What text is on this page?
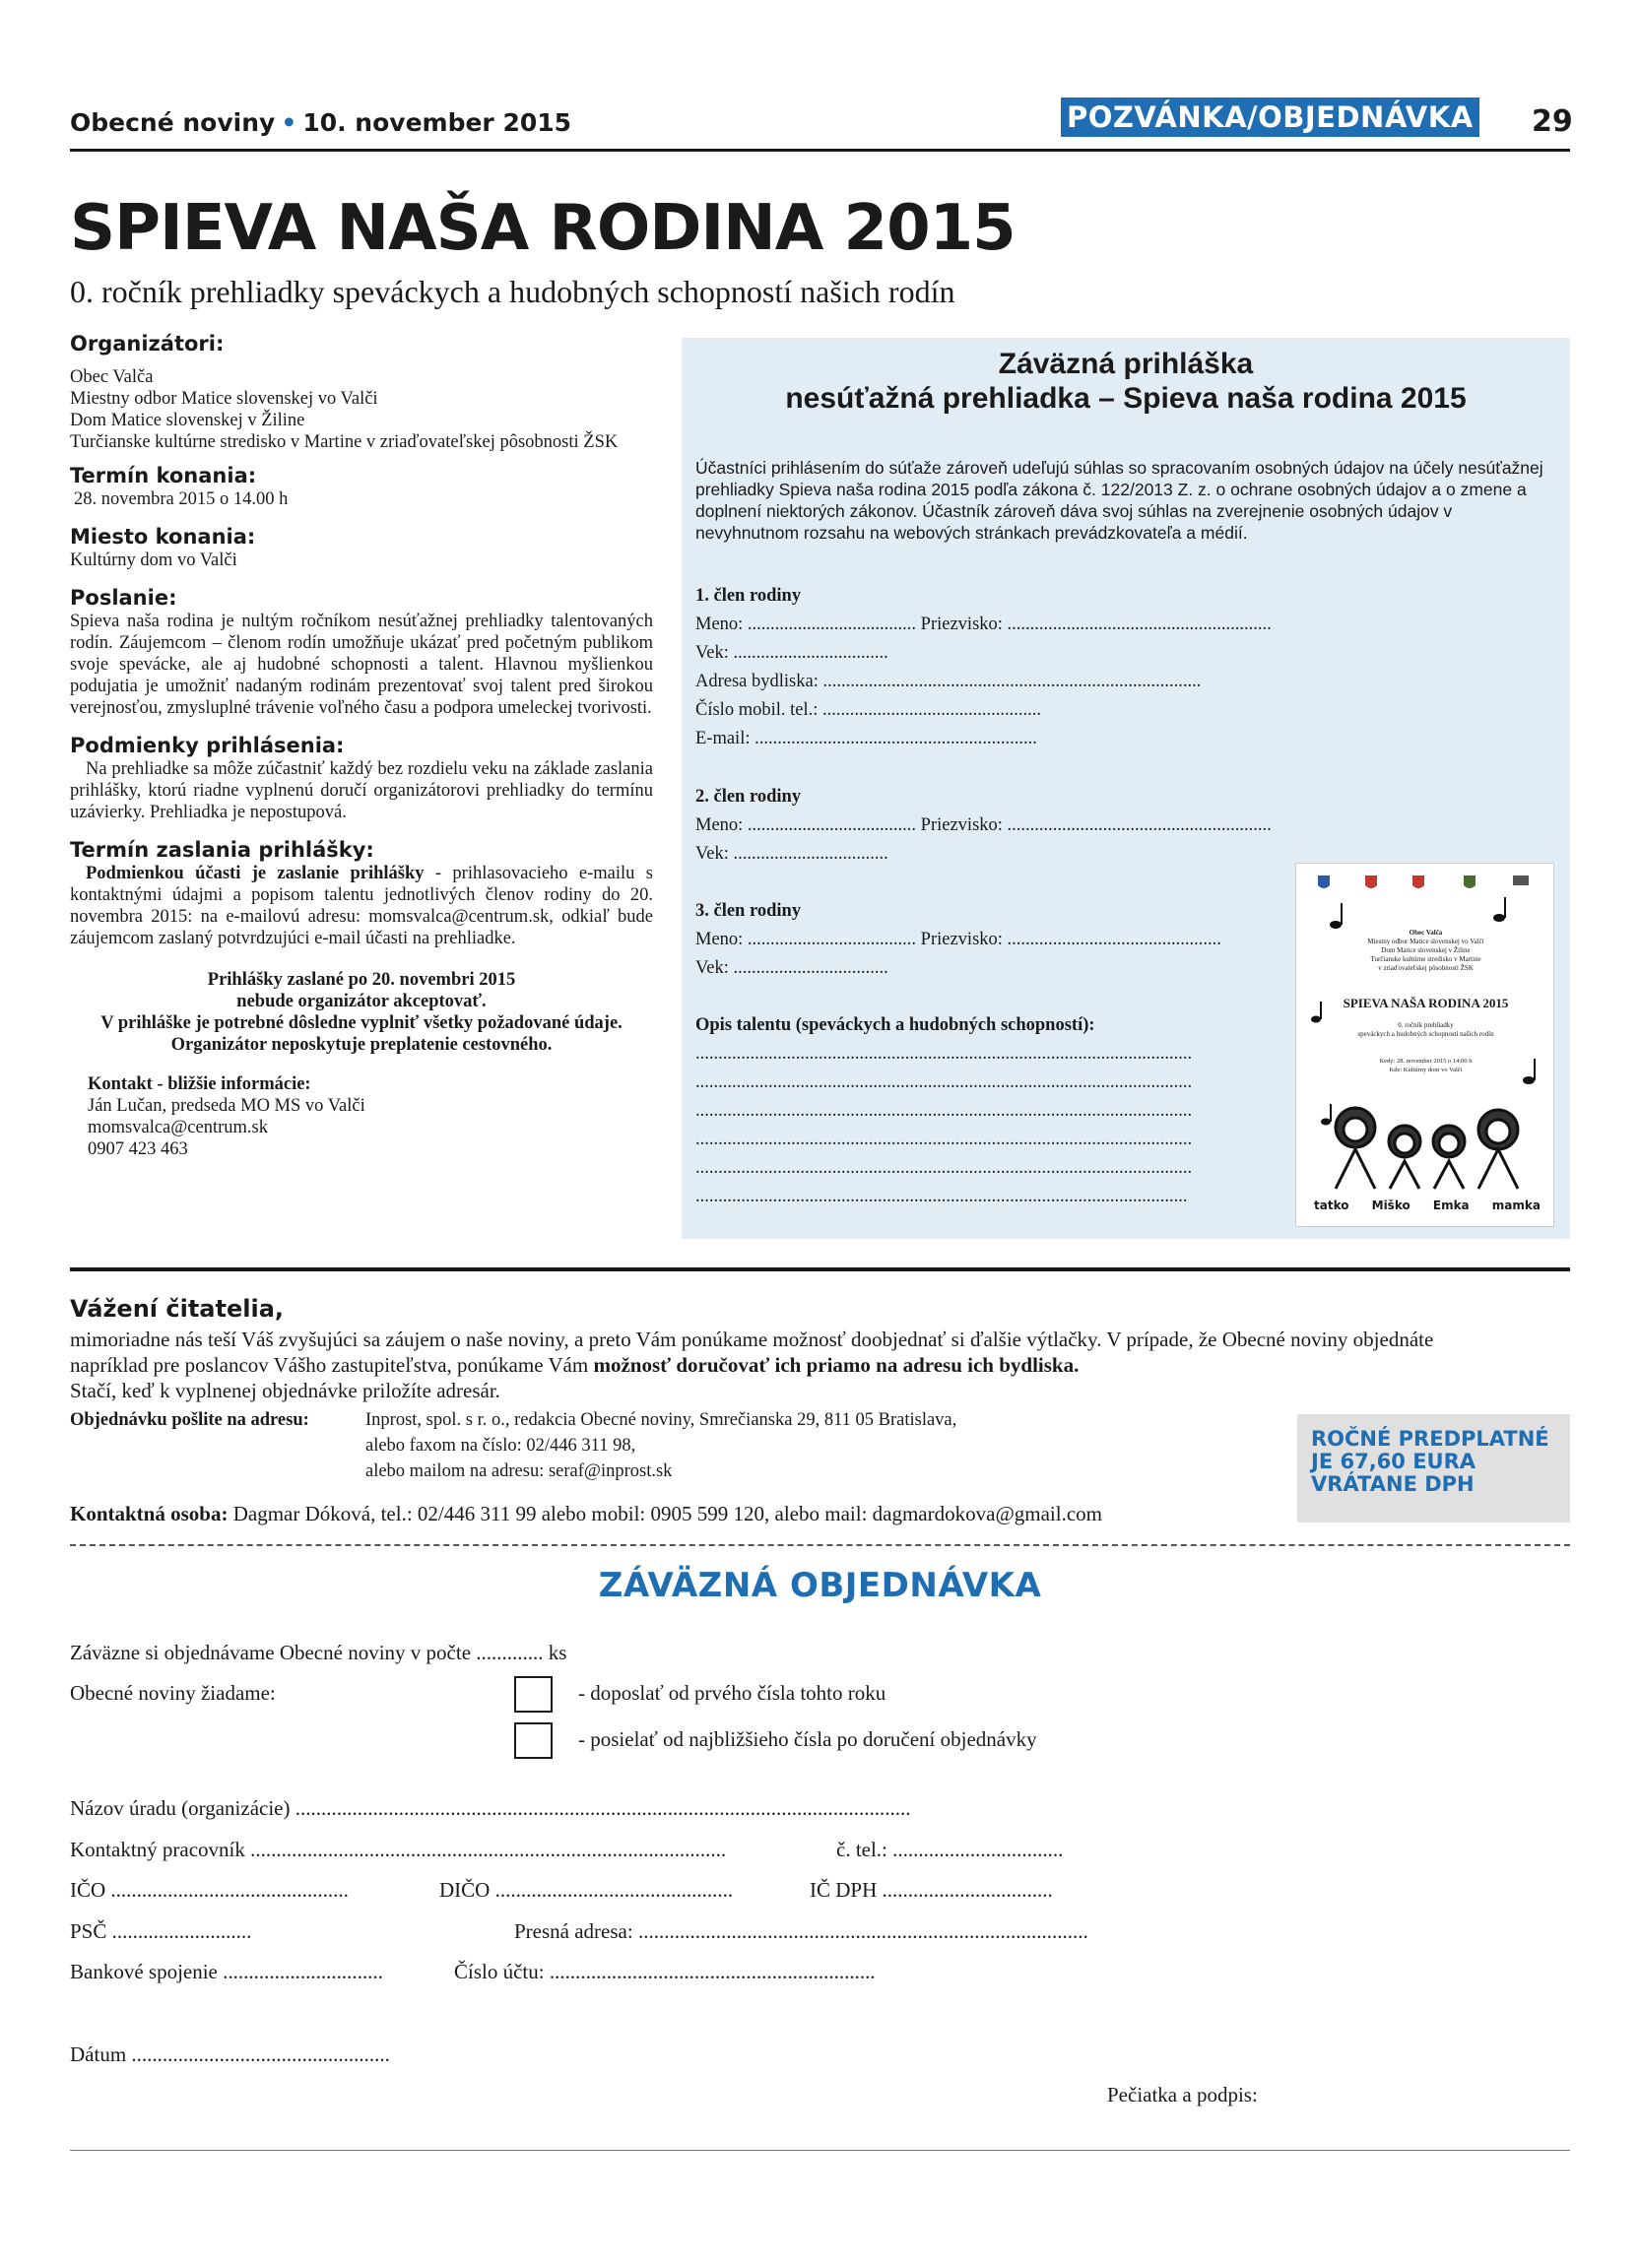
Obecné noviny • 10. november 2015	POZVÁNKA/OBJEDNÁVKA 29
SPIEVA NAŠA RODINA 2015
0. ročník prehliadky speváckych a hudobných schopností našich rodín
Organizátori:
Obec Valča
Miestny odbor Matice slovenskej vo Valči
Dom Matice slovenskej v Žiline
Turčianske kultúrne stredisko v Martine v zriaďovateľskej pôsobnosti ŽSK
Termín konania:
28. novembra 2015 o 14.00 h
Miesto konania:
Kultúrny dom vo Valči
Poslanie:
Spieva naša rodina je nultým ročníkom nesúťažnej prehliadky talentovaných rodín. Záujemcom – členom rodín umožňuje ukázať pred početným publikom svoje spevácke, ale aj hudobné schopnosti a talent. Hlavnou myšlienkou podujatia je umožniť nadaným rodinám prezentovať svoj talent pred širokou verejnosťou, zmysluplné trávenie voľného času a podpora umeleckej tvorivosti.
Podmienky prihlásenia:
Na prehliadke sa môže zúčastniť každý bez rozdielu veku na základe zaslania prihlášky, ktorú riadne vyplnenú doručí organizátorovi prehliadky do termínu uzávierky. Prehliadka je nepostupová.
Termín zaslania prihlášky:
Podmienkou účasti je zaslanie prihlášky - prihlasovacieho e-mailu s kontaktnými údajmi a popisom talentu jednotlivých členov rodiny do 20. novembra 2015: na e-mailovú adresu: momsvalca@centrum.sk, odkiaľ bude záujemcom zaslaný potvrdzujúci e-mail účasti na prehliadke.
Prihlášky zaslané po 20. novembri 2015
nebude organizátor akceptovať.
V prihláške je potrebné dôsledne vyplniť všetky požadované údaje.
Organizátor neposkytuje preplatenie cestovného.
Kontakt - bližšie informácie:
Ján Lučan, predseda MO MS vo Valči
momsvalca@centrum.sk
0907 423 463
Záväzná prihláška
nesúťažná prehliadka – Spieva naša rodina 2015
Účastníci prihlásením do súťaže zároveň udeľujú súhlas so spracovaním osobných údajov na účely nesúťažnej prehliadky Spieva naša rodina 2015 podľa zákona č. 122/2013 Z. z. o ochrane osobných údajov a o zmene a doplnení niektorých zákonov. Účastník zároveň dáva svoj súhlas na zverejnenie osobných údajov v nevyhnutnom rozsahu na webových stránkach prevádzkovateľa a médií.
1. člen rodiny
Meno: ..................................... Priezvisko: ..........................................................
Vek: ..................................
Adresa bydliska: ...................................................................................
Číslo mobil. tel.: ................................................
E-mail: ..............................................................
2. člen rodiny
Meno: ..................................... Priezvisko: ..........................................................
Vek: ..................................
3. člen rodiny
Meno: ..................................... Priezvisko: ...............................................
Vek: ..................................
Opis talentu (speváckych a hudobných schopností):
.............................................................................................................
.............................................................................................................
.............................................................................................................
.............................................................................................................
.............................................................................................................
............................................................................................................
Obec Valča
Miestny odbor Matice slovenskej vo Valči
Dom Matice slovenskej v Žiline
Turčianske kultúrne stredisko v Martine
v zriaďovateľskej pôsobnosti ŽSK
SPIEVA NAŠA RODINA 2015
0. ročník prehliadky
speváckych a hudobných schopností našich rodín
Kedy: 28. november 2015 o 14:00 h
Kde: Kultúrny dom vo Valči
tatko Miško Emka mamka
Vážení čitatelia,
mimoriadne nás teší Váš zvyšujúci sa záujem o naše noviny, a preto Vám ponúkame možnosť doobjednať si ďalšie výtlačky. V prípade, že Obecné noviny objednáte napríklad pre poslancov Vášho zastupiteľstva, ponúkame Vám možnosť doručovať ich priamo na adresu ich bydliska.
Stačí, keď k vyplnenej objednávke priložíte adresár.
Objednávku pošlite na adresu:	Inprost, spol. s r. o., redakcia Obecné noviny, Smrečianska 29, 811 05 Bratislava,
alebo faxom na číslo: 02/446 311 98,
alebo mailom na adresu: seraf@inprost.sk
Kontaktná osoba: Dagmar Dóková, tel.: 02/446 311 99 alebo mobil: 0905 599 120, alebo mail: dagmardokova@gmail.com
ROČNÉ PREDPLATNÉ
JE 67,60 EURA
VRÁTANE DPH
ZÁVÄZNÁ OBJEDNÁVKA
Záväzne si objednávame Obecné noviny v počte ............. ks
Obecné noviny žiadame:	- doposlať od prvého čísla tohto roku
- posielať od najbližšieho čísla po doručení objednávky
Názov úradu (organizácie) .......................................................................................................................
Kontaktný pracovník ............................................................................................	č. tel.: .................................
IČO ..............................................	DIČO ..............................................	IČ DPH .................................
PSČ ...........................	Presná adresa: .......................................................................................
Bankové spojenie ...............................	Číslo účtu: ...............................................................
Dátum ..................................................
Pečiatka a podpis:
